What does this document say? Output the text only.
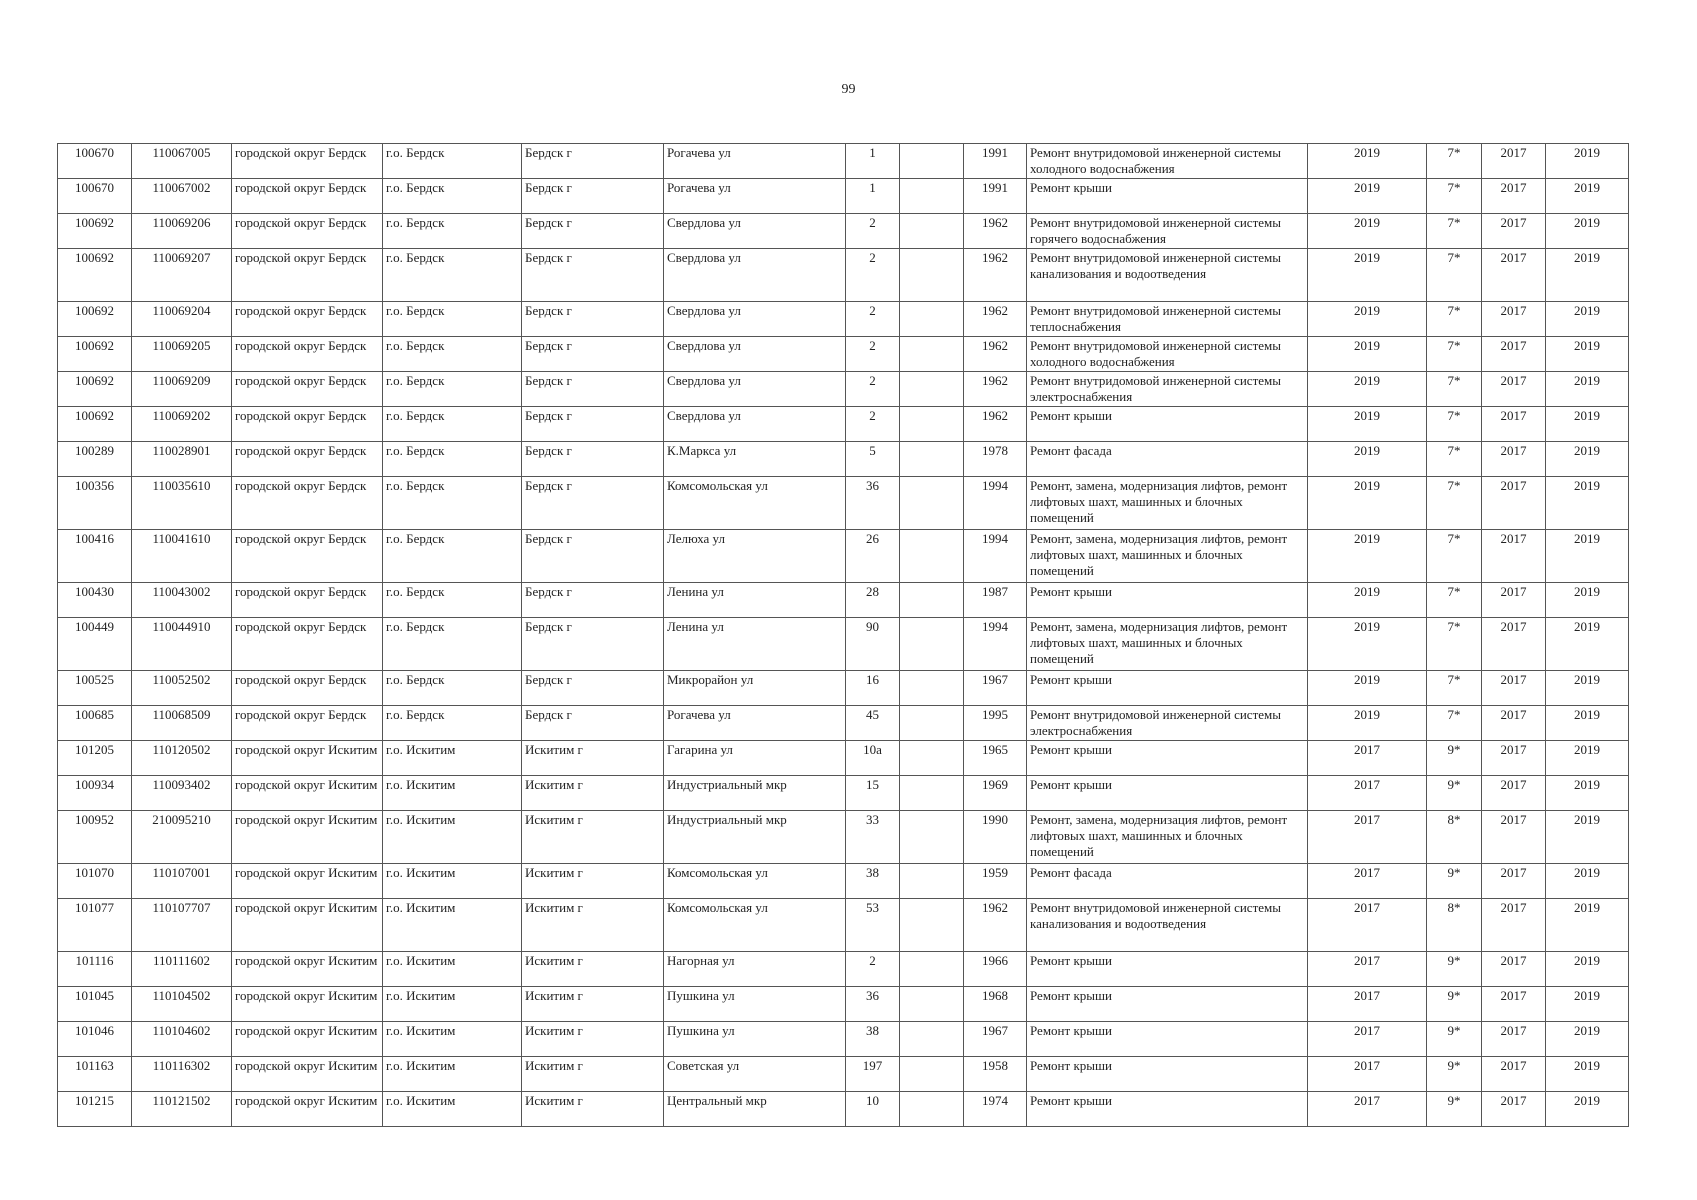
99
100670	110067005	городской округ Бердск	г.о. Бердск	Бердск г	Рогачева ул	1		1991	Ремонт внутридомовой инженерной системы холодного водоснабжения	2019	7*	2017	2019
100670	110067002	городской округ Бердск	г.о. Бердск	Бердск г	Рогачева ул	1		1991	Ремонт крыши	2019	7*	2017	2019
100692	110069206	городской округ Бердск	г.о. Бердск	Бердск г	Свердлова ул	2		1962	Ремонт внутридомовой инженерной системы горячего водоснабжения	2019	7*	2017	2019
100692	110069207	городской округ Бердск	г.о. Бердск	Бердск г	Свердлова ул	2		1962	Ремонт внутридомовой инженерной системы канализования и водоотведения	2019	7*	2017	2019
100692	110069204	городской округ Бердск	г.о. Бердск	Бердск г	Свердлова ул	2		1962	Ремонт внутридомовой инженерной системы теплоснабжения	2019	7*	2017	2019
100692	110069205	городской округ Бердск	г.о. Бердск	Бердск г	Свердлова ул	2		1962	Ремонт внутридомовой инженерной системы холодного водоснабжения	2019	7*	2017	2019
100692	110069209	городской округ Бердск	г.о. Бердск	Бердск г	Свердлова ул	2		1962	Ремонт внутридомовой инженерной системы электроснабжения	2019	7*	2017	2019
100692	110069202	городской округ Бердск	г.о. Бердск	Бердск г	Свердлова ул	2		1962	Ремонт крыши	2019	7*	2017	2019
100289	110028901	городской округ Бердск	г.о. Бердск	Бердск г	К.Маркса ул	5		1978	Ремонт фасада	2019	7*	2017	2019
100356	110035610	городской округ Бердск	г.о. Бердск	Бердск г	Комсомольская ул	36		1994	Ремонт, замена, модернизация лифтов, ремонт лифтовых шахт, машинных и блочных помещений	2019	7*	2017	2019
100416	110041610	городской округ Бердск	г.о. Бердск	Бердск г	Лелюха ул	26		1994	Ремонт, замена, модернизация лифтов, ремонт лифтовых шахт, машинных и блочных помещений	2019	7*	2017	2019
100430	110043002	городской округ Бердск	г.о. Бердск	Бердск г	Ленина ул	28		1987	Ремонт крыши	2019	7*	2017	2019
100449	110044910	городской округ Бердск	г.о. Бердск	Бердск г	Ленина ул	90		1994	Ремонт, замена, модернизация лифтов, ремонт лифтовых шахт, машинных и блочных помещений	2019	7*	2017	2019
100525	110052502	городской округ Бердск	г.о. Бердск	Бердск г	Микрорайон ул	16		1967	Ремонт крыши	2019	7*	2017	2019
100685	110068509	городской округ Бердск	г.о. Бердск	Бердск г	Рогачева ул	45		1995	Ремонт внутридомовой инженерной системы электроснабжения	2019	7*	2017	2019
101205	110120502	городской округ Искитим	г.о. Искитим	Искитим г	Гагарина ул	10а		1965	Ремонт крыши	2017	9*	2017	2019
100934	110093402	городской округ Искитим	г.о. Искитим	Искитим г	Индустриальный мкр	15		1969	Ремонт крыши	2017	9*	2017	2019
100952	210095210	городской округ Искитим	г.о. Искитим	Искитим г	Индустриальный мкр	33		1990	Ремонт, замена, модернизация лифтов, ремонт лифтовых шахт, машинных и блочных помещений	2017	8*	2017	2019
101070	110107001	городской округ Искитим	г.о. Искитим	Искитим г	Комсомольская ул	38		1959	Ремонт фасада	2017	9*	2017	2019
101077	110107707	городской округ Искитим	г.о. Искитим	Искитим г	Комсомольская ул	53		1962	Ремонт внутридомовой инженерной системы канализования и водоотведения	2017	8*	2017	2019
101116	110111602	городской округ Искитим	г.о. Искитим	Искитим г	Нагорная ул	2		1966	Ремонт крыши	2017	9*	2017	2019
101045	110104502	городской округ Искитим	г.о. Искитим	Искитим г	Пушкина ул	36		1968	Ремонт крыши	2017	9*	2017	2019
101046	110104602	городской округ Искитим	г.о. Искитим	Искитим г	Пушкина ул	38		1967	Ремонт крыши	2017	9*	2017	2019
101163	110116302	городской округ Искитим	г.о. Искитим	Искитим г	Советская ул	197		1958	Ремонт крыши	2017	9*	2017	2019
101215	110121502	городской округ Искитим	г.о. Искитим	Искитим г	Центральный мкр	10		1974	Ремонт крыши	2017	9*	2017	2019
